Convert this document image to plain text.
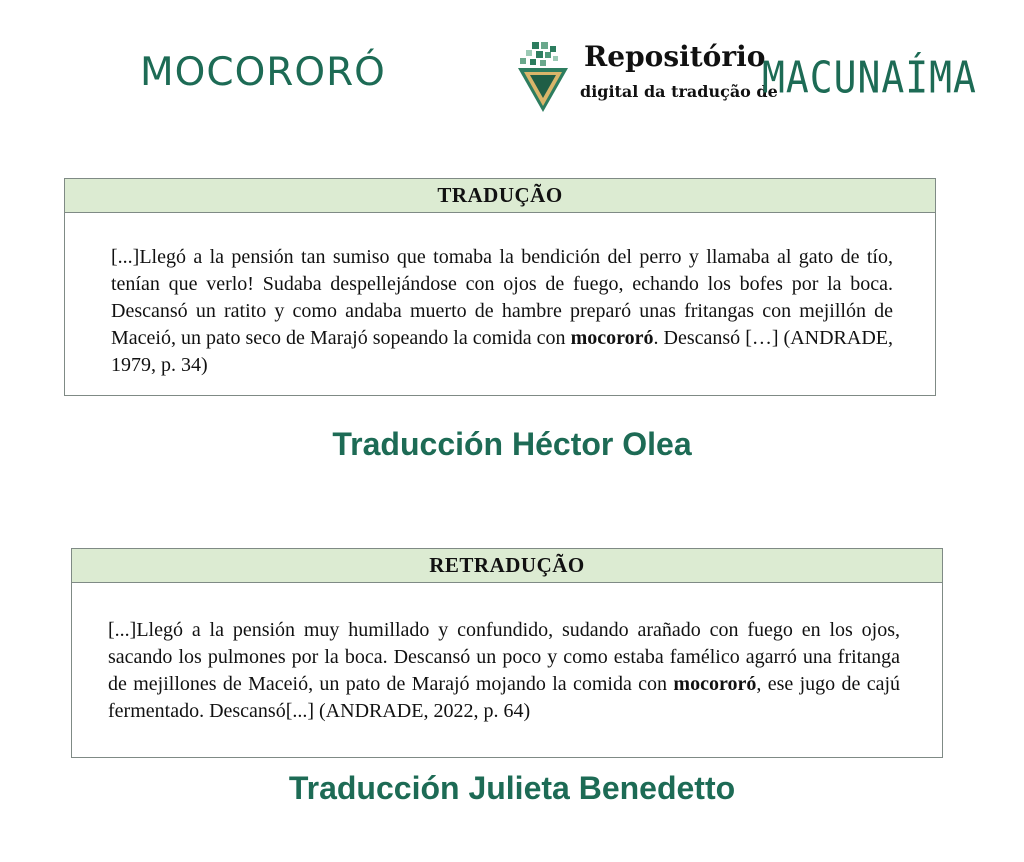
MOCORORÓ	Repositório
digital da tradução de
MACUNAÍMA
TRADUÇÃO
[...]Llegó a la pensión tan sumiso que tomaba la bendición del perro y llamaba al gato de tío, tenían que verlo! Sudaba despellejándose con ojos de fuego, echando los bofes por la boca. Descansó un ratito y como andaba muerto de hambre preparó unas fritangas con mejillón de Maceió, un pato seco de Marajó sopeando la comida con mocororó. Descansó […] (ANDRADE, 1979, p. 34)
Traducción Héctor Olea
RETRADUÇÃO
[...]Llegó a la pensión muy humillado y confundido, sudando arañado con fuego en los ojos, sacando los pulmones por la boca. Descansó un poco y como estaba famélico agarró una fritanga de mejillones de Maceió, un pato de Marajó mojando la comida con mocororó, ese jugo de cajú fermentado. Descansó[...] (ANDRADE, 2022, p. 64)
Traducción Julieta Benedetto
